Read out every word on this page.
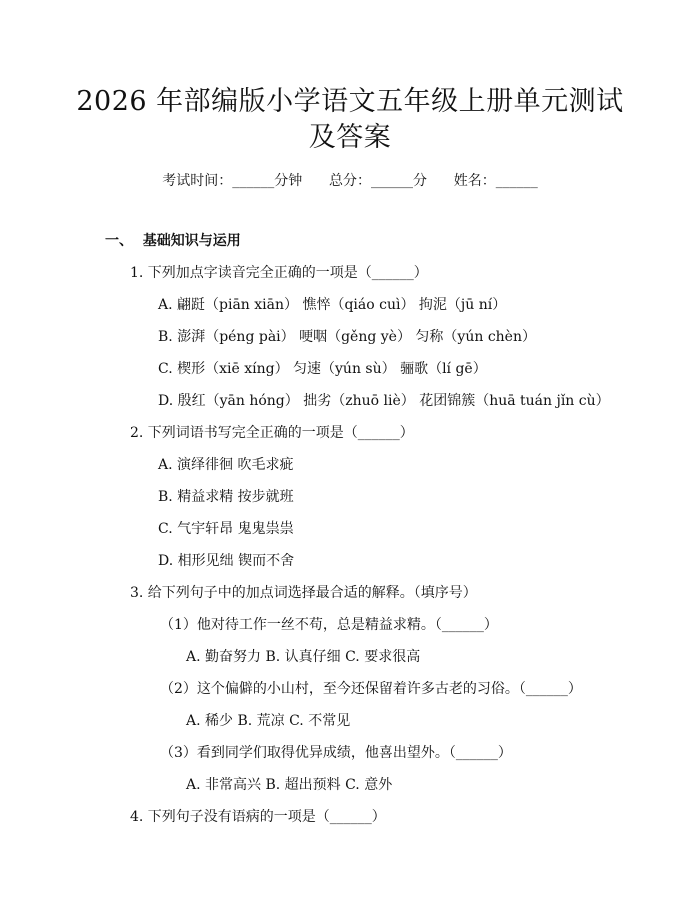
2026 年部编版小学语文五年级上册单元测试
及答案
考试时间：______分钟      总分：______分      姓名：______
一、  基础知识与运用
1. 下列加点字读音完全正确的一项是（______）
A. 翩跹（piān xiān） 憔悴（qiáo cuì） 拘泥（jū ní）
B. 澎湃（péng pài） 哽咽（gěng yè） 匀称（yún chèn）
C. 楔形（xiē xíng） 匀速（yún sù） 骊歌（lí gē）
D. 殷红（yān hóng） 拙劣（zhuō liè） 花团锦簇（huā tuán jǐn cù）
2. 下列词语书写完全正确的一项是（______）
A. 演绎徘徊 吹毛求疵
B. 精益求精 按步就班
C. 气宇轩昂 鬼鬼祟祟
D. 相形见绌 锲而不舍
3. 给下列句子中的加点词选择最合适的解释。（填序号）
（1）他对待工作一丝不苟，总是精益求精。（______）
A. 勤奋努力 B. 认真仔细 C. 要求很高
（2）这个偏僻的小山村，至今还保留着许多古老的习俗。（______）
A. 稀少 B. 荒凉 C. 不常见
（3）看到同学们取得优异成绩，他喜出望外。（______）
A. 非常高兴 B. 超出预料 C. 意外
4. 下列句子没有语病的一项是（______）
